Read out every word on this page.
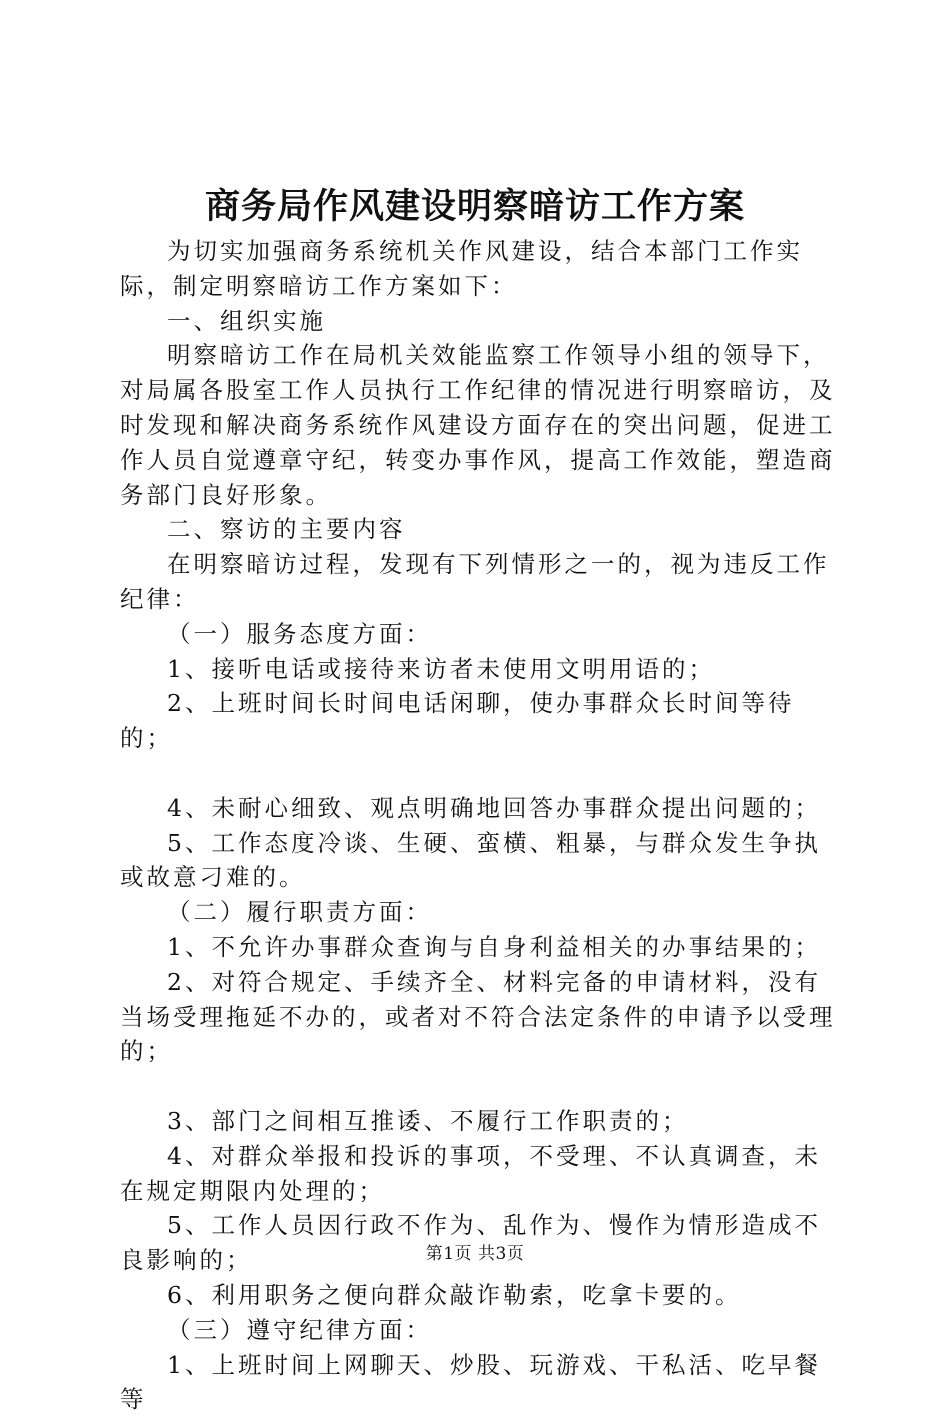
商务局作风建设明察暗访工作方案

为切实加强商务系统机关作风建设，结合本部门工作实际，制定明察暗访工作方案如下：

一、组织实施

明察暗访工作在局机关效能监察工作领导小组的领导下，对局属各股室工作人员执行工作纪律的情况进行明察暗访，及时发现和解决商务系统作风建设方面存在的突出问题，促进工作人员自觉遵章守纪，转变办事作风，提高工作效能，塑造商务部门良好形象。

二、察访的主要内容

在明察暗访过程，发现有下列情形之一的，视为违反工作纪律：

（一）服务态度方面：

1、接听电话或接待来访者未使用文明用语的；

2、上班时间长时间电话闲聊，使办事群众长时间等待的；

4、未耐心细致、观点明确地回答办事群众提出问题的；

5、工作态度冷谈、生硬、蛮横、粗暴，与群众发生争执或故意刁难的。

（二）履行职责方面：

1、不允许办事群众查询与自身利益相关的办事结果的；

2、对符合规定、手续齐全、材料完备的申请材料，没有当场受理拖延不办的，或者对不符合法定条件的申请予以受理的；

3、部门之间相互推诿、不履行工作职责的；

4、对群众举报和投诉的事项，不受理、不认真调查，未在规定期限内处理的；

5、工作人员因行政不作为、乱作为、慢作为情形造成不良影响的；

6、利用职务之便向群众敲诈勒索，吃拿卡要的。

（三）遵守纪律方面：

1、上班时间上网聊天、炒股、玩游戏、干私活、吃早餐等

第1页 共3页
